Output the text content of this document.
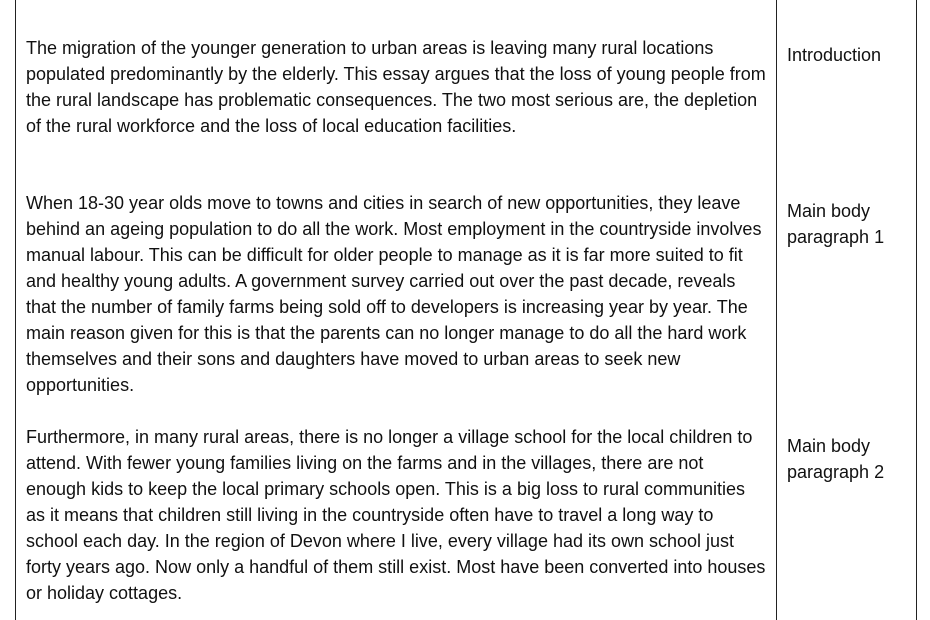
The migration of the younger generation to urban areas is leaving many rural locations populated predominantly by the elderly. This essay argues that the loss of young people from the rural landscape has problematic consequences. The two most serious are, the depletion of the rural workforce and the loss of local education facilities.

Introduction

When 18-30 year olds move to towns and cities in search of new opportunities, they leave behind an ageing population to do all the work. Most employment in the countryside involves manual labour. This can be difficult for older people to manage as it is far more suited to fit and healthy young adults. A government survey carried out over the past decade, reveals that the number of family farms being sold off to developers is increasing year by year. The main reason given for this is that the parents can no longer manage to do all the hard work themselves and their sons and daughters have moved to urban areas to seek new opportunities.

Main body
paragraph 1

Furthermore, in many rural areas, there is no longer a village school for the local children to attend. With fewer young families living on the farms and in the villages, there are not enough kids to keep the local primary schools open. This is a big loss to rural communities as it means that children still living in the countryside often have to travel a long way to school each day. In the region of Devon where I live, every village had its own school just forty years ago. Now only a handful of them still exist. Most have been converted into houses or holiday cottages.

Main body
paragraph 2
